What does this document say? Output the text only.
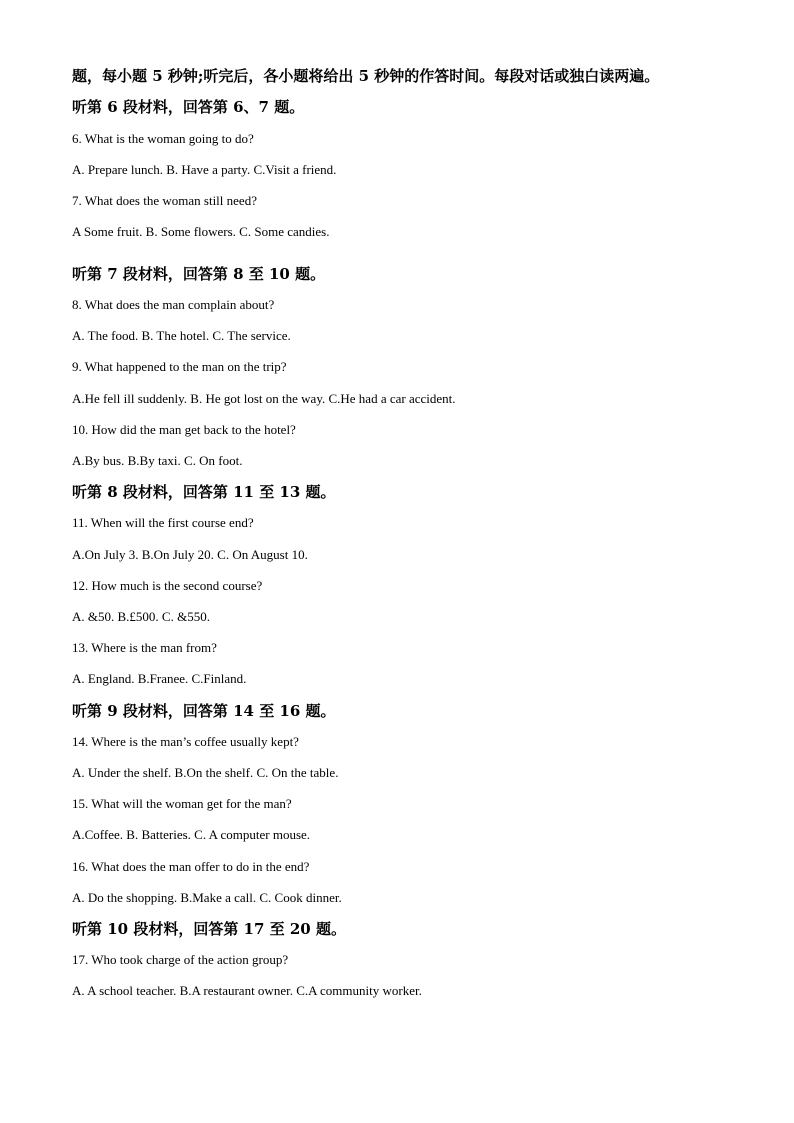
题，每小题 5 秒钟;听完后，各小题将给出 5 秒钟的作答时间。每段对话或独白读两遍。
听第 6 段材料，回答第 6、7 题。
6. What is the woman going to do?
A. Prepare lunch. B. Have a party. C.Visit a friend.
7. What does the woman still need?
A Some fruit. B. Some flowers. C. Some candies.
听第 7 段材料，回答第 8 至 10 题。
8. What does the man complain about?
A. The food. B. The hotel. C. The service.
9. What happened to the man on the trip?
A.He fell ill suddenly. B. He got lost on the way. C.He had a car accident.
10. How did the man get back to the hotel?
A.By bus. B.By taxi. C. On foot.
听第 8 段材料，回答第 11 至 13 题。
11. When will the first course end?
A.On July 3. B.On July 20. C. On August 10.
12. How much is the second course?
A. &50. B.£500. C. &550.
13. Where is the man from?
A. England. B.Franee. C.Finland.
听第 9 段材料，回答第 14 至 16 题。
14. Where is the man’s coffee usually kept?
A. Under the shelf. B.On the shelf. C. On the table.
15. What will the woman get for the man?
A.Coffee. B. Batteries. C. A computer mouse.
16. What does the man offer to do in the end?
A. Do the shopping. B.Make a call. C. Cook dinner.
听第 10 段材料，回答第 17 至 20 题。
17. Who took charge of the action group?
A. A school teacher. B.A restaurant owner. C.A community worker.
